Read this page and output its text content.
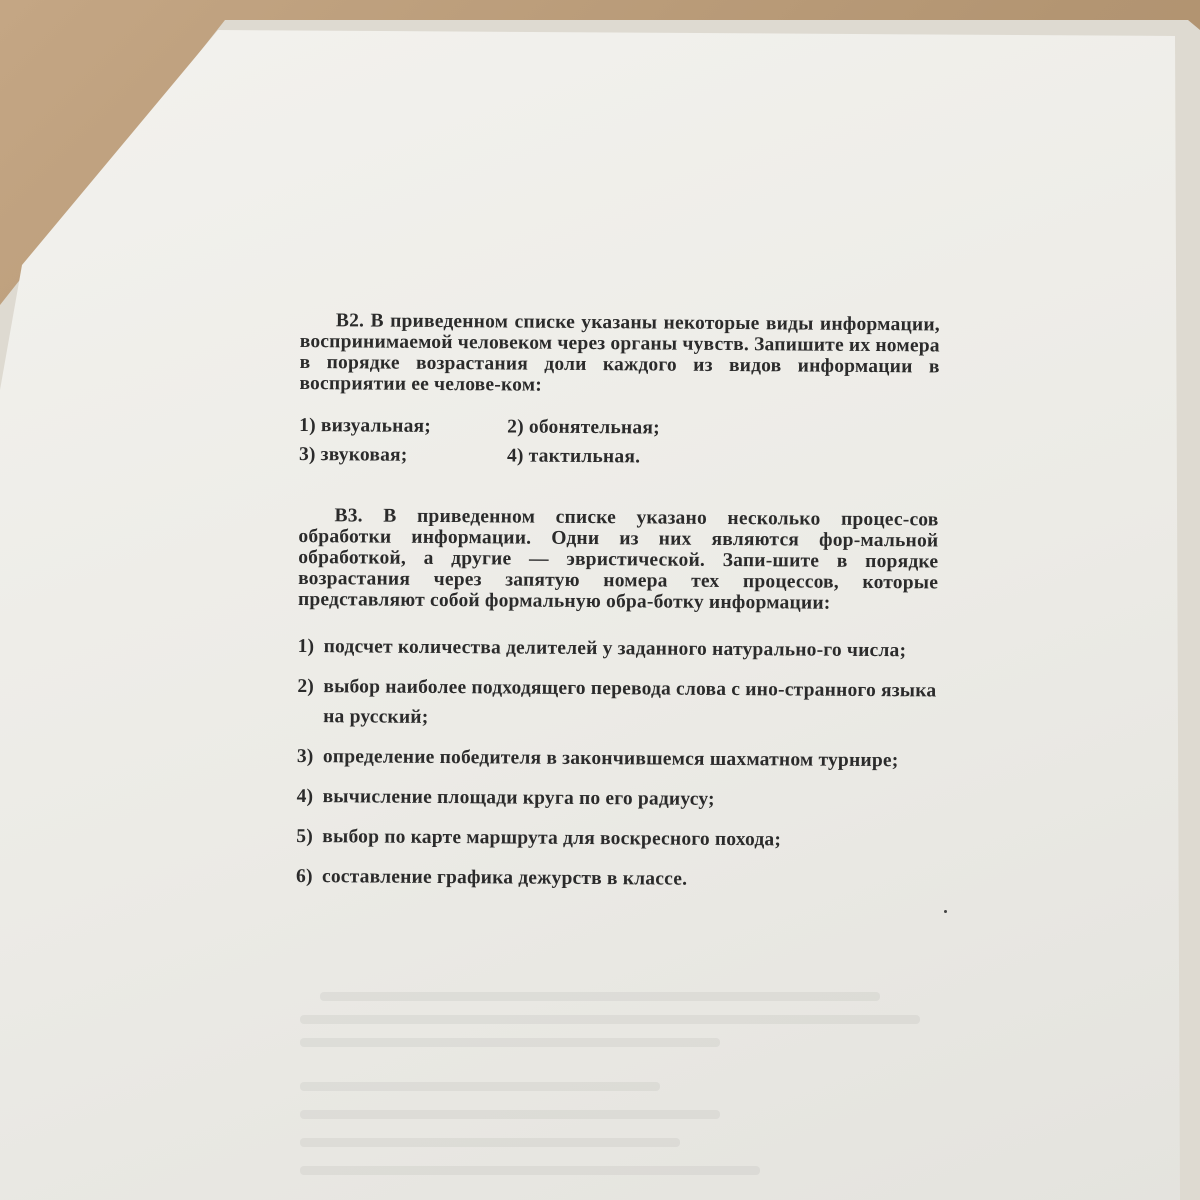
B2. В приведенном списке указаны некоторые виды информации, воспринимаемой человеком через органы чувств. Запишите их номера в порядке возрастания доли каждого из видов информации в восприятии ее челове-ком:

1) визуальная;	2) обонятельная;
3) звуковая;	4) тактильная.

B3. В приведенном списке указано несколько процес-сов обработки информации. Одни из них являются фор-мальной обработкой, а другие — эвристической. Запи-шите в порядке возрастания через запятую номера тех процессов, которые представляют собой формальную обра-ботку информации:

1) подсчет количества делителей у заданного натурально-го числа;
2) выбор наиболее подходящего перевода слова с ино-странного языка на русский;
3) определение победителя в закончившемся шахматном турнире;
4) вычисление площади круга по его радиусу;
5) выбор по карте маршрута для воскресного похода;
6) составление графика дежурств в классе.
